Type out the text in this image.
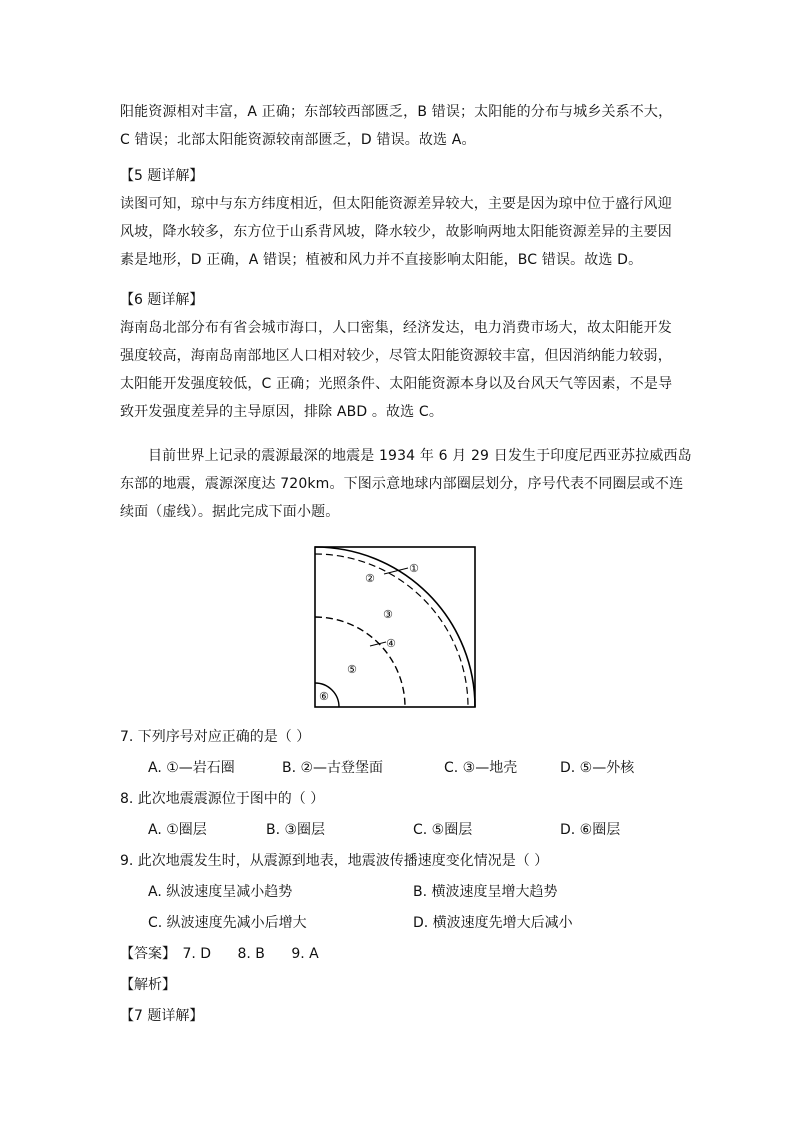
阳能资源相对丰富，A 正确；东部较西部匮乏，B 错误；太阳能的分布与城乡关系不大，
C 错误；北部太阳能资源较南部匮乏，D 错误。故选 A。

【5 题详解】

读图可知，琼中与东方纬度相近，但太阳能资源差异较大，主要是因为琼中位于盛行风迎
风坡，降水较多，东方位于山系背风坡，降水较少，故影响两地太阳能资源差异的主要因
素是地形，D 正确，A 错误；植被和风力并不直接影响太阳能，BC 错误。故选 D。

【6 题详解】

海南岛北部分布有省会城市海口，人口密集，经济发达，电力消费市场大，故太阳能开发
强度较高，海南岛南部地区人口相对较少，尽管太阳能资源较丰富，但因消纳能力较弱，
太阳能开发强度较低，C 正确；光照条件、太阳能资源本身以及台风天气等因素，不是导
致开发强度差异的主导原因，排除 ABD 。故选 C。

目前世界上记录的震源最深的地震是 1934 年 6 月 29 日发生于印度尼西亚苏拉威西岛
东部的地震，震源深度达 720km。下图示意地球内部圈层划分，序号代表不同圈层或不连
续面（虚线）。据此完成下面小题。

①
②
③
④
⑤
⑥

7. 下列序号对应正确的是（ ）

A. ①—岩石圈	B. ②—古登堡面	C. ③—地壳	D. ⑤—外核

8. 此次地震震源位于图中的（ ）

A. ①圈层	B. ③圈层	C. ⑤圈层	D. ⑥圈层

9. 此次地震发生时，从震源到地表，地震波传播速度变化情况是（ ）

A. 纵波速度呈减小趋势	B. 横波速度呈增大趋势

C. 纵波速度先减小后增大	D. 横波速度先增大后减小

【答案】 7. D 8. B 9. A

【解析】

【7 题详解】
